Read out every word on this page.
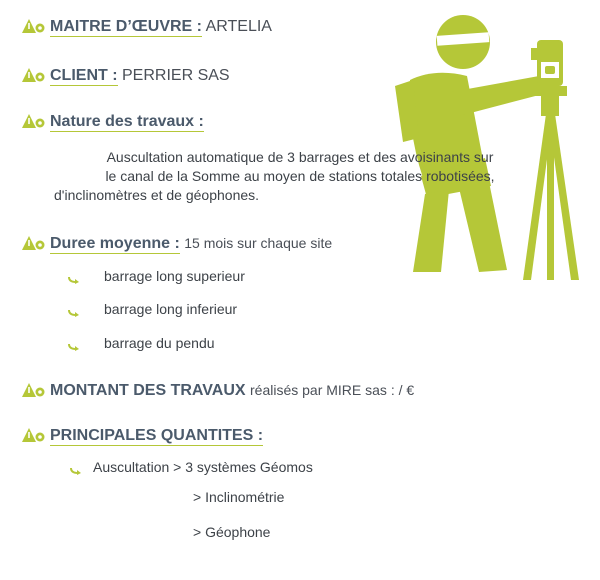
MAITRE D’ŒUVRE : ARTELIA
CLIENT : PERRIER SAS
Nature des travaux :
Auscultation automatique de 3 barrages et des avoisinants sur
le canal de la Somme au moyen de stations totales robotisées,
d'inclinomètres et de géophones.
Duree moyenne : 15 mois sur chaque site
barrage long superieur
barrage long inferieur
barrage du pendu
MONTANT DES TRAVAUX réalisés par MIRE sas : / €
PRINCIPALES QUANTITES :
Auscultation > 3 systèmes Géomos
> Inclinométrie
> Géophone
